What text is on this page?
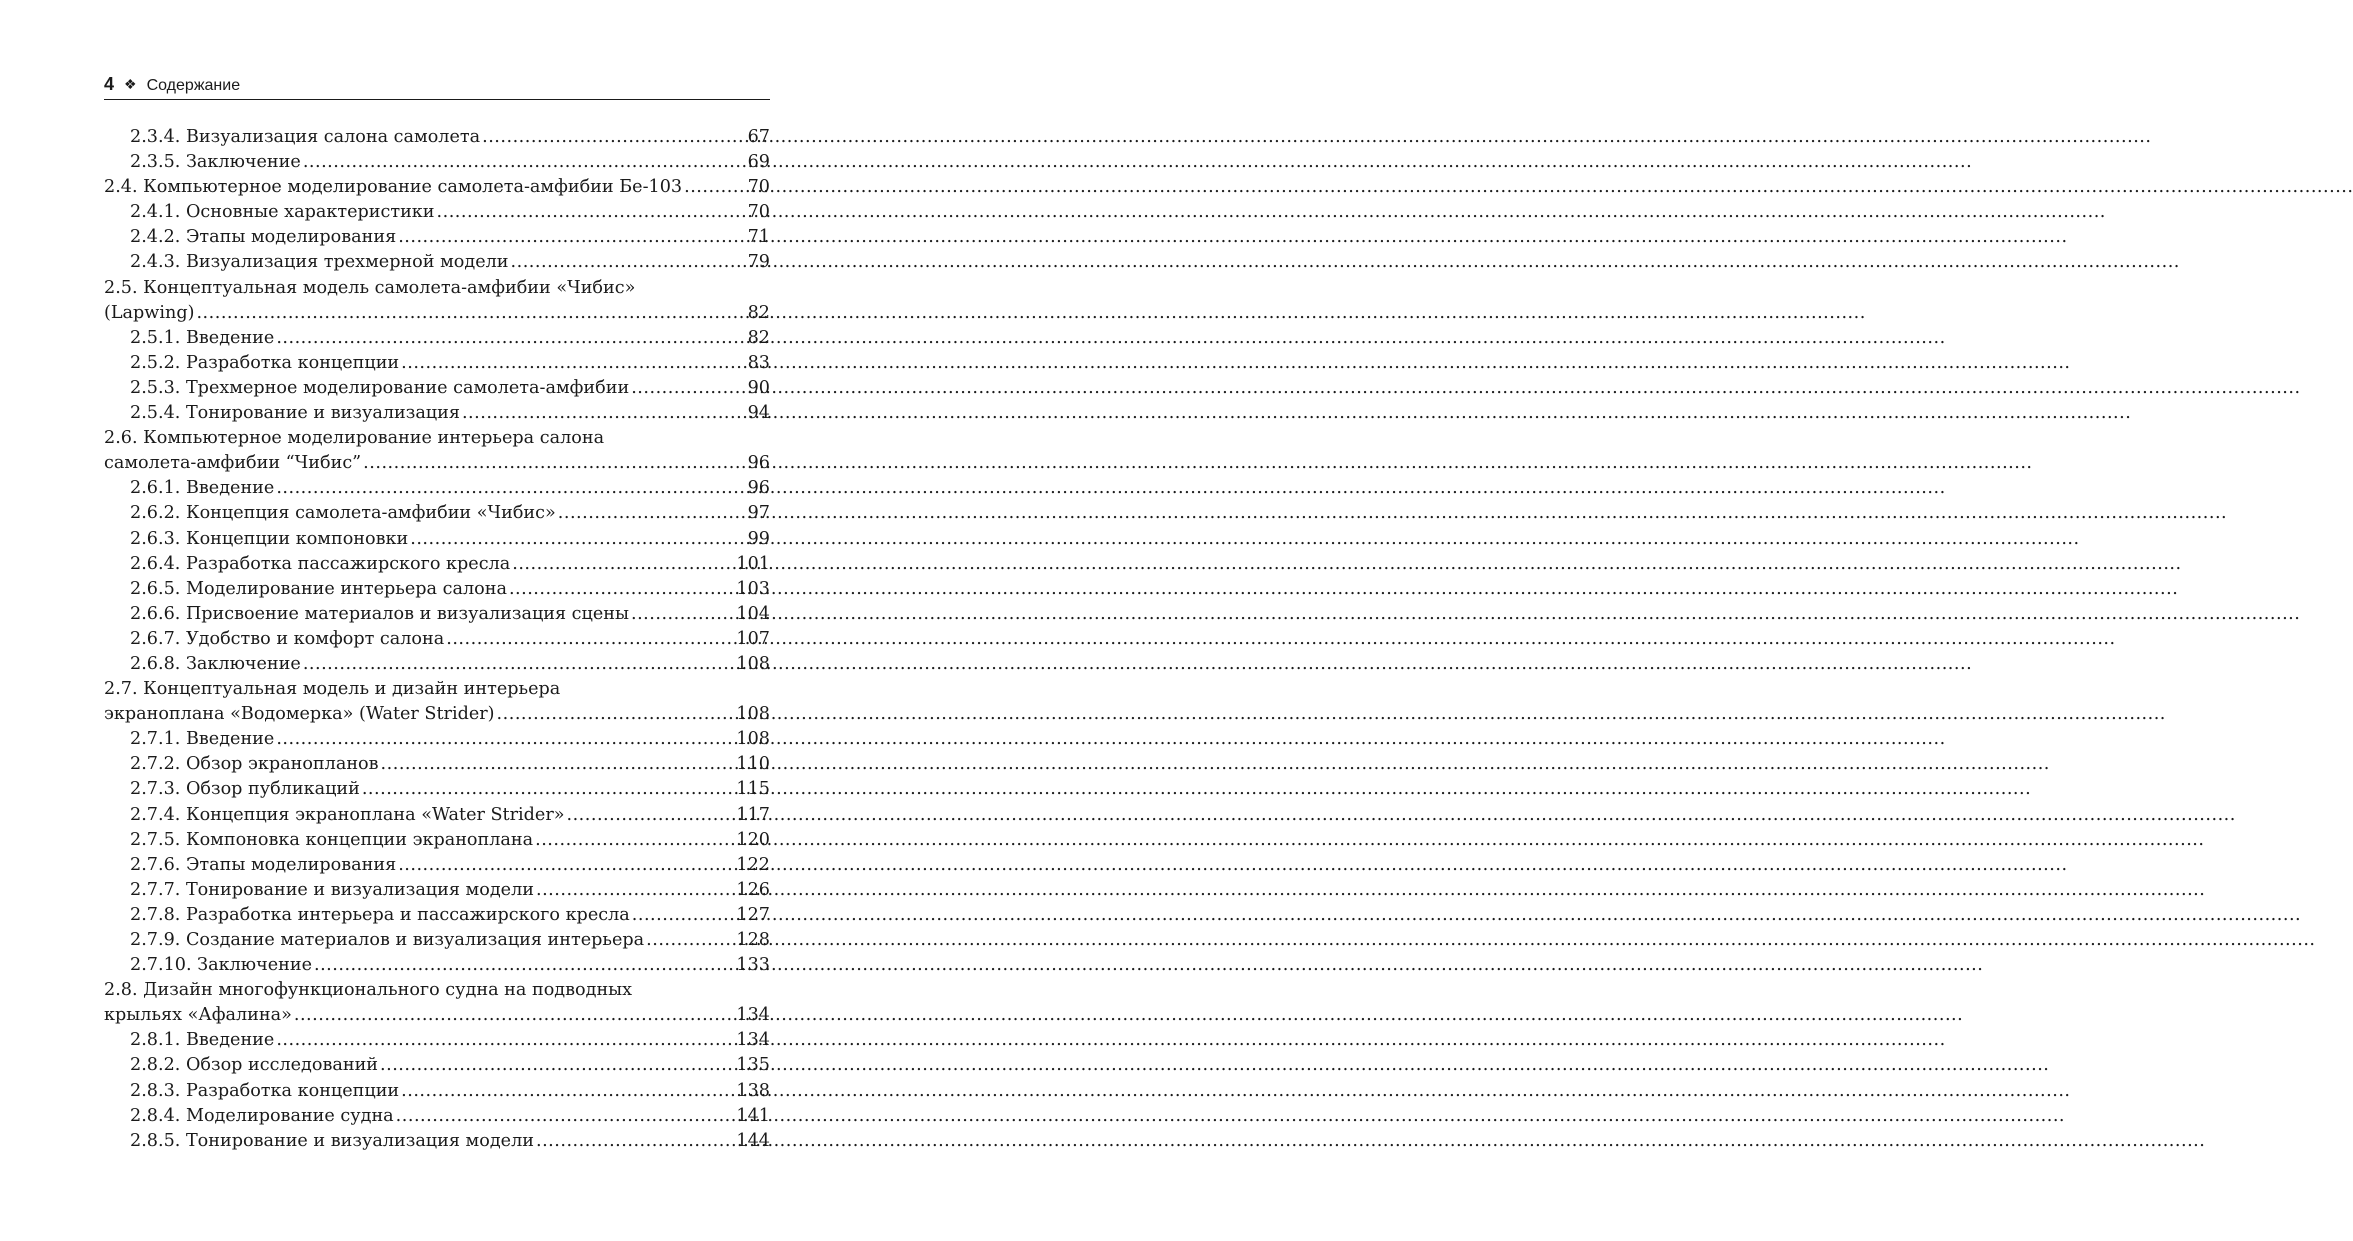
4 ❖ Содержание
2.3.4. Визуализация салона самолета .....	67
2.3.5. Заключение .....	69
2.4. Компьютерное моделирование самолета-амфибии Бе-103 .....	70
2.4.1. Основные характеристики .....	70
2.4.2. Этапы моделирования .....	71
2.4.3. Визуализация трехмерной модели .....	79
2.5. Концептуальная модель самолета-амфибии «Чибис»
(Lapwing) .....	82
2.5.1. Введение .....	82
2.5.2. Разработка концепции .....	83
2.5.3. Трехмерное моделирование самолета-амфибии .....	90
2.5.4. Тонирование и визуализация .....	94
2.6. Компьютерное моделирование интерьера салона
самолета-амфибии “Чибис” .....	96
2.6.1. Введение .....	96
2.6.2. Концепция самолета-амфибии «Чибис» .....	97
2.6.3. Концепции компоновки .....	99
2.6.4. Разработка пассажирского кресла .....	101
2.6.5. Моделирование интерьера салона .....	103
2.6.6. Присвоение материалов и визуализация сцены .....	104
2.6.7. Удобство и комфорт салона .....	107
2.6.8. Заключение .....	108
2.7. Концептуальная модель и дизайн интерьера
экраноплана «Водомерка» (Water Strider) .....	108
2.7.1. Введение .....	108
2.7.2. Обзор экранопланов .....	110
2.7.3. Обзор публикаций .....	115
2.7.4. Концепция экраноплана «Water Strider» .....	117
2.7.5. Компоновка концепции экраноплана .....	120
2.7.6. Этапы моделирования .....	122
2.7.7. Тонирование и визуализация модели .....	126
2.7.8. Разработка интерьера и пассажирского кресла .....	127
2.7.9. Создание материалов и визуализация интерьера .....	128
2.7.10. Заключение .....	133
2.8. Дизайн многофункционального судна на подводных
крыльях «Афалина» .....	134
2.8.1. Введение .....	134
2.8.2. Обзор исследований .....	135
2.8.3. Разработка концепции .....	138
2.8.4. Моделирование судна .....	141
2.8.5. Тонирование и визуализация модели .....	144
